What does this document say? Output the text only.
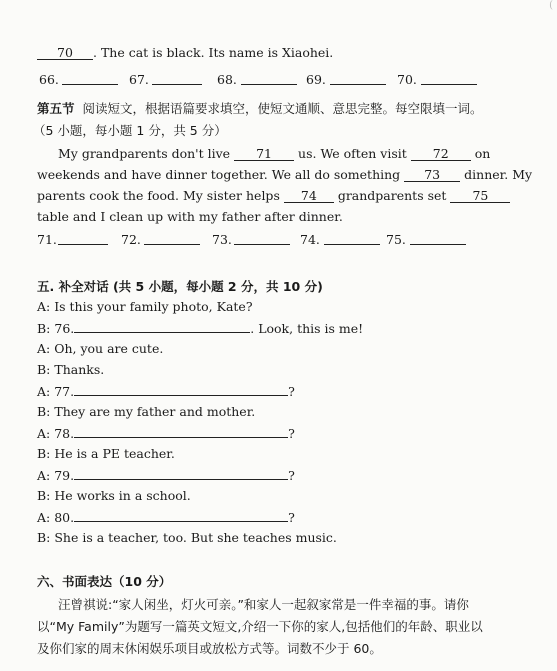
(
70 . The cat is black. Its name is Xiaohei.
66.	67.	68.	69.	70.
第五节 阅读短文，根据语篇要求填空，使短文通顺、意思完整。每空限填一词。
（5 小题，每小题 1 分，共 5 分）
My grandparents don't live 71 us. We often visit 72 on
weekends and have dinner together. We all do something 73 dinner. My
parents cook the food. My sister helps 74 grandparents set 75
table and I clean up with my father after dinner.
71.	72.	73.	74.	75.
五. 补全对话 (共 5 小题，每小题 2 分，共 10 分)
A: Is this your family photo, Kate?
B: 76.	. Look, this is me!
A: Oh, you are cute.
B: Thanks.
A: 77.	?
B: They are my father and mother.
A: 78.	?
B: He is a PE teacher.
A: 79.	?
B: He works in a school.
A: 80.	?
B: She is a teacher, too. But she teaches music.
六、书面表达（10 分）
汪曾祺说:“家人闲坐，灯火可亲。”和家人一起叙家常是一件幸福的事。请你
以“My Family”为题写一篇英文短文,介绍一下你的家人,包括他们的年龄、职业以
及你们家的周末休闲娱乐项目或放松方式等。词数不少于 60。
